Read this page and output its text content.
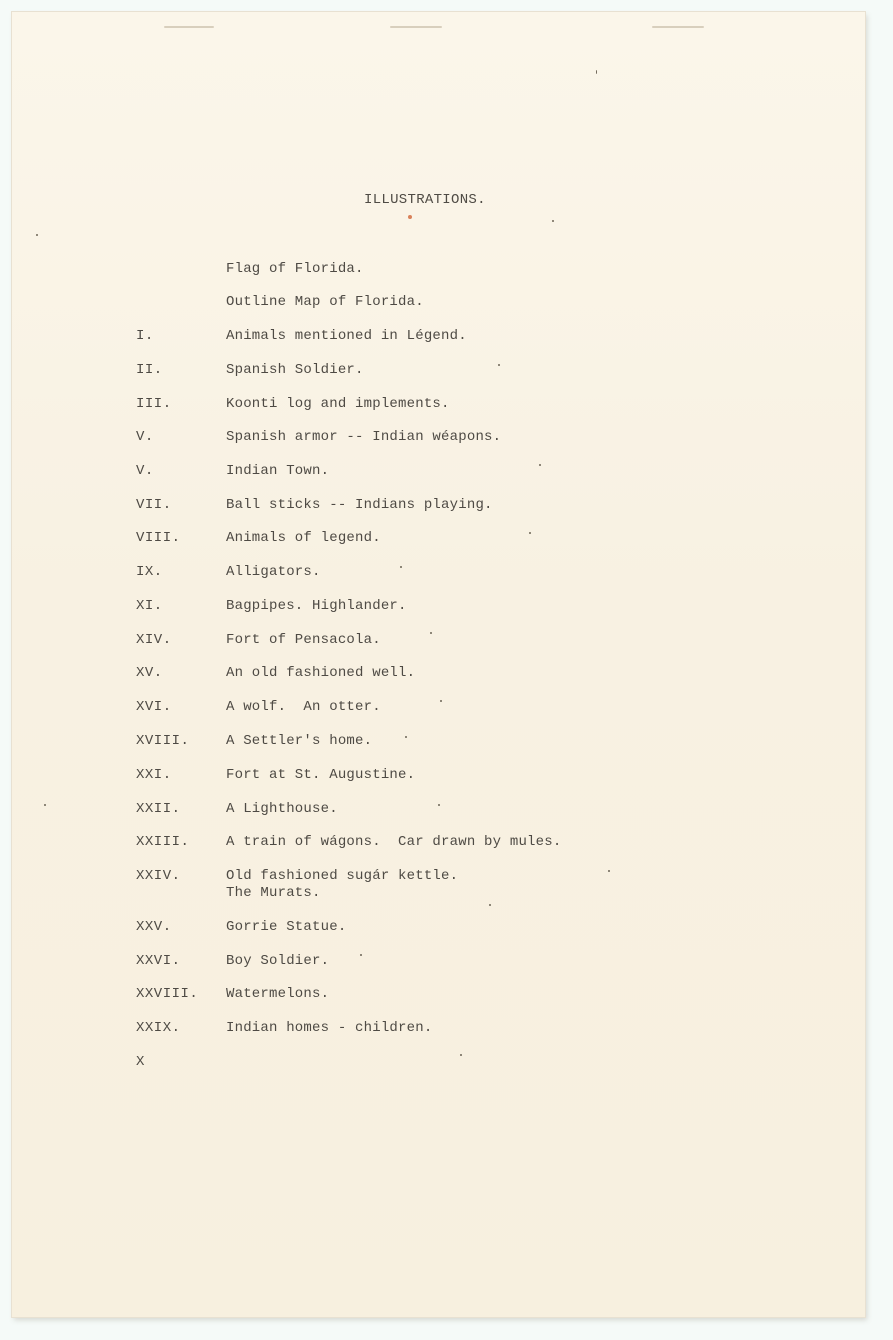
ILLUSTRATIONS.
Flag of Florida.
Outline Map of Florida.
I.	Animals mentioned in Légend.
II.	Spanish Soldier.
III.	Koonti log and implements.
V.	Spanish armor -- Indian wéapons.
V.	Indian Town.
VII.	Ball sticks -- Indians playing.
VIII.	Animals of legend.
IX.	Alligators.
XI.	Bagpipes. Highlander.
XIV.	Fort of Pensacola.
XV.	An old fashioned well.
XVI.	A wolf.  An otter.
XVIII.	A Settler's home.
XXI.	Fort at St. Augustine.
XXII.	A Lighthouse.
XXIII.	A train of wágons.  Car drawn by mules.
XXIV.	Old fashioned sugár kettle.
The Murats.
XXV.	Gorrie Statue.
XXVI.	Boy Soldier.
XXVIII. Watermelons.
XXIX.	Indian homes - children.
X
